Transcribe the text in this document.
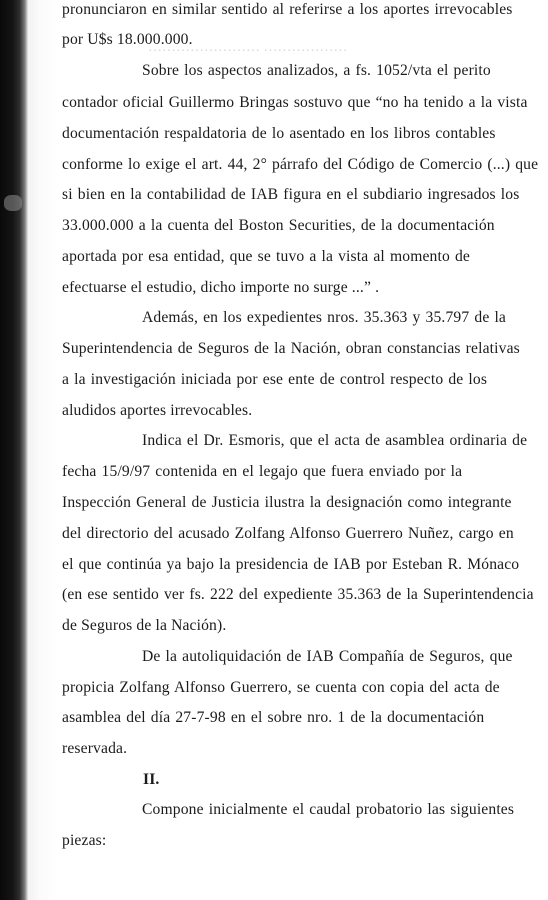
…………………… ………………
pronunciaron en similar sentido al referirse a los aportes irrevocables
por U$s 18.000.000.
Sobre los aspectos analizados, a fs. 1052/vta el perito
contador oficial Guillermo Bringas sostuvo que “no ha tenido a la vista
documentación respaldatoria de lo asentado en los libros contables
conforme lo exige el art. 44, 2° párrafo del Código de Comercio (...) que
si bien en la contabilidad de IAB figura en el subdiario ingresados los
33.000.000 a la cuenta del Boston Securities, de la documentación
aportada por esa entidad, que se tuvo a la vista al momento de
efectuarse el estudio, dicho importe no surge ...” .
Además, en los expedientes nros. 35.363 y 35.797 de la
Superintendencia de Seguros de la Nación, obran constancias relativas
a la investigación iniciada por ese ente de control respecto de los
aludidos aportes irrevocables.
Indica el Dr. Esmoris, que el acta de asamblea ordinaria de
fecha 15/9/97 contenida en el legajo que fuera enviado por la
Inspección General de Justicia ilustra la designación como integrante
del directorio del acusado Zolfang Alfonso Guerrero Nuñez, cargo en
el que continúa ya bajo la presidencia de IAB por Esteban R. Mónaco
(en ese sentido ver fs. 222 del expediente 35.363 de la Superintendencia
de Seguros de la Nación).
De la autoliquidación de IAB Compañía de Seguros, que
propicia Zolfang Alfonso Guerrero, se cuenta con copia del acta de
asamblea del día 27-7-98 en el sobre nro. 1 de la documentación
reservada.
II.
Compone inicialmente el caudal probatorio las siguientes
piezas:
